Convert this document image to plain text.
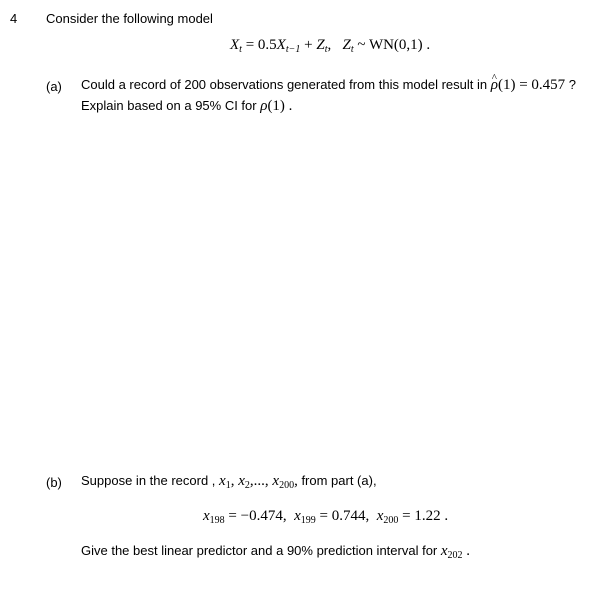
4 Consider the following model
$X_t = 0.5X_{t-1} + Z_t$,   $Z_t$ ~ WN(0,1) .
(a) Could a record of 200 observations generated from this model result in ^ ρ(1) = 0.457 ?
Explain based on a 95% CI for ρ(1) .
(b) Suppose in the record , $x_1$, $x_2$,..., $x_{200}$, from part (a),
$x_{198} = -0.474$,  $x_{199} = 0.744$,  $x_{200} = 1.22$ .
Give the best linear predictor and a 90% prediction interval for $x_{202}$ .
